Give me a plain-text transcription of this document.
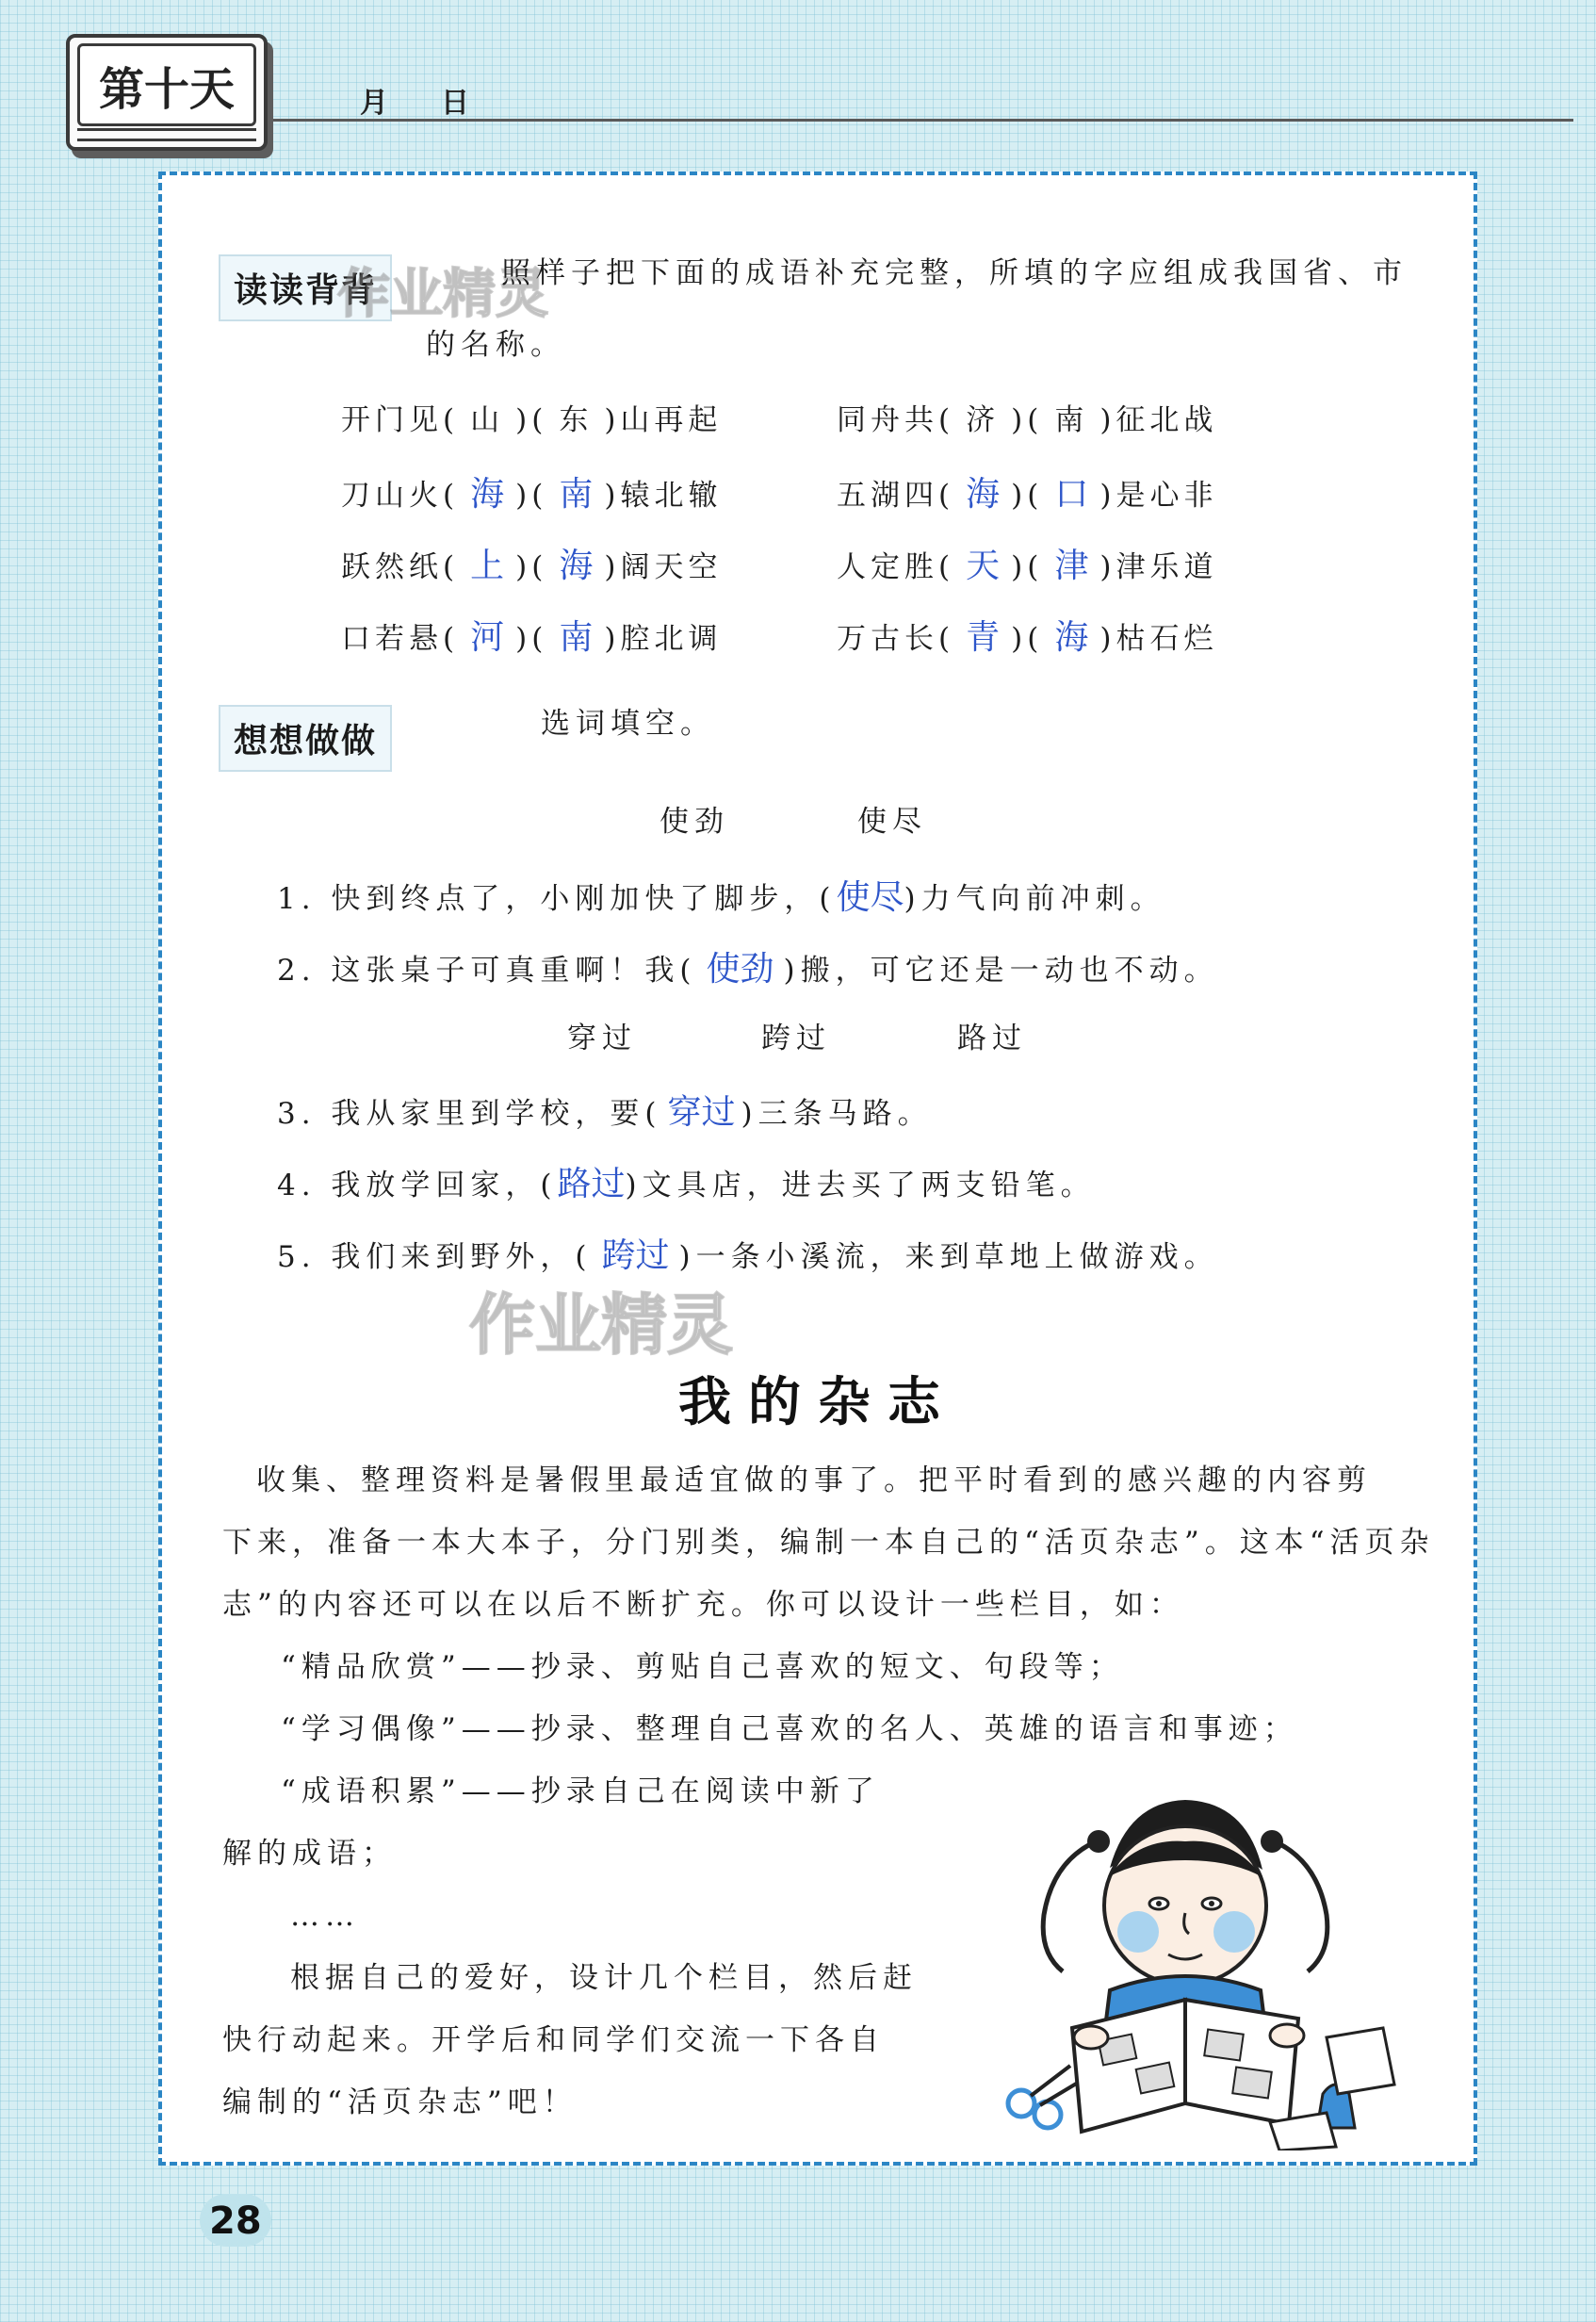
第十天	月 日
读读背背
作业精灵
照样子把下面的成语补充完整，所填的字应组成我国省、市
的名称。
开门见( 山 )( 东 )山再起	同舟共( 济 )( 南 )征北战
刀山火( 海 )( 南 )辕北辙	五湖四( 海 )( 口 )是心非
跃然纸( 上 )( 海 )阔天空	人定胜( 天 )( 津 )津乐道
口若悬( 河 )( 南 )腔北调	万古长( 青 )( 海 )枯石烂
想想做做	选词填空。
使劲	使尽
1. 快到终点了，小刚加快了脚步，(使尽)力气向前冲刺。
2. 这张桌子可真重啊！我( 使劲 )搬，可它还是一动也不动。
穿过	跨过	路过
3. 我从家里到学校，要( 穿过 )三条马路。
4. 我放学回家，(路过)文具店，进去买了两支铅笔。
5. 我们来到野外，( 跨过 )一条小溪流，来到草地上做游戏。
作业精灵
我的杂志
收集、整理资料是暑假里最适宜做的事了。把平时看到的感兴趣的内容剪
下来，准备一本大本子，分门别类，编制一本自己的“活页杂志”。这本“活页杂
志”的内容还可以在以后不断扩充。你可以设计一些栏目，如：
“精品欣赏”——抄录、剪贴自己喜欢的短文、句段等；
“学习偶像”——抄录、整理自己喜欢的名人、英雄的语言和事迹；
“成语积累”——抄录自己在阅读中新了
解的成语；
……
根据自己的爱好，设计几个栏目，然后赶
快行动起来。开学后和同学们交流一下各自
编制的“活页杂志”吧！
28
